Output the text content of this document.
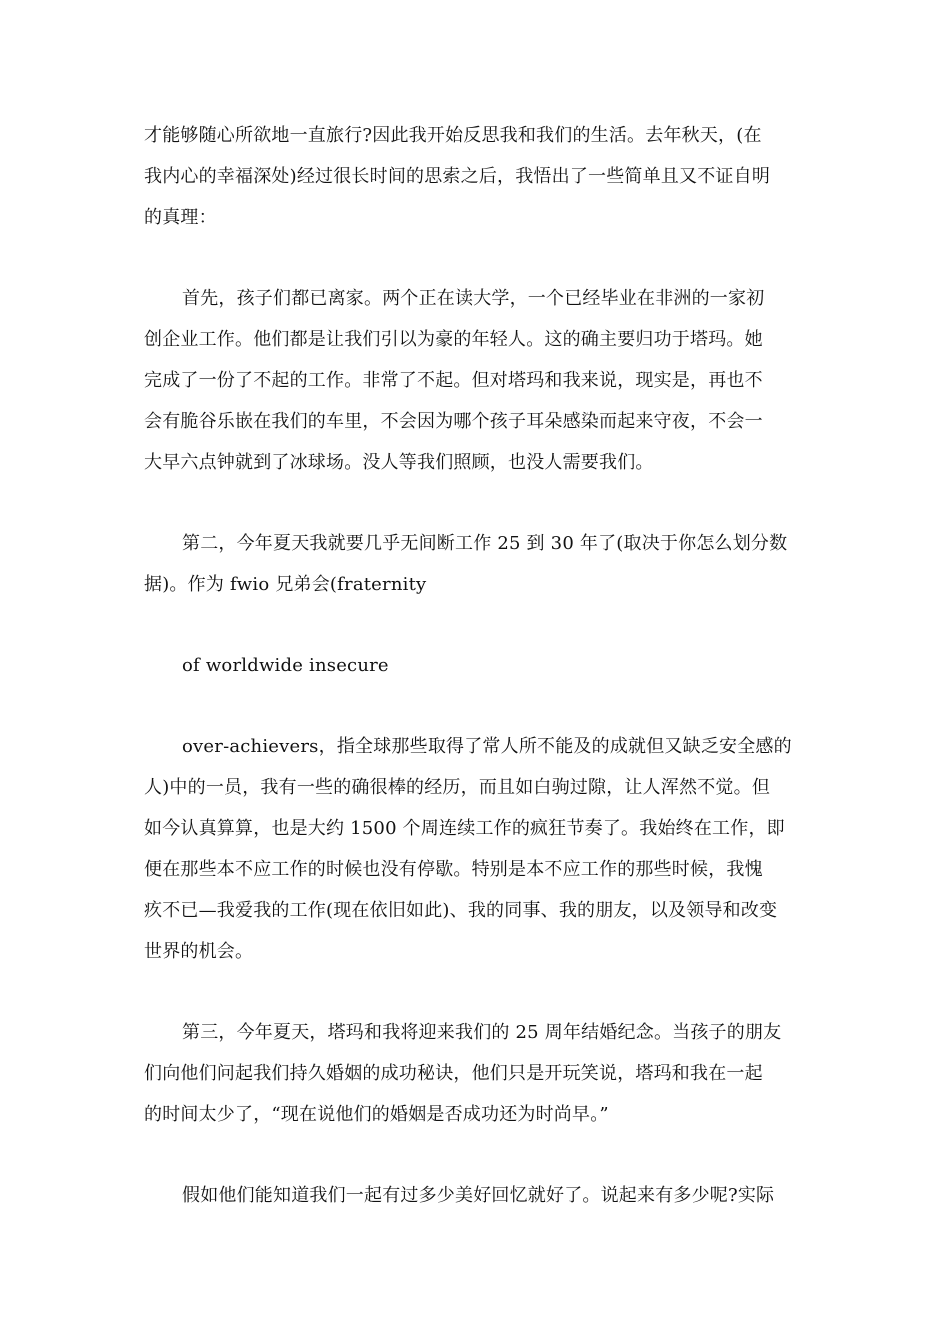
才能够随心所欲地一直旅行?因此我开始反思我和我们的生活。去年秋天，(在
我内心的幸福深处)经过很长时间的思索之后，我悟出了一些简单且又不证自明
的真理：
首先，孩子们都已离家。两个正在读大学，一个已经毕业在非洲的一家初
创企业工作。他们都是让我们引以为豪的年轻人。这的确主要归功于塔玛。她
完成了一份了不起的工作。非常了不起。但对塔玛和我来说，现实是，再也不
会有脆谷乐嵌在我们的车里，不会因为哪个孩子耳朵感染而起来守夜，不会一
大早六点钟就到了冰球场。没人等我们照顾，也没人需要我们。
第二，今年夏天我就要几乎无间断工作 25 到 30 年了(取决于你怎么划分数
据)。作为 fwio 兄弟会(fraternity
of worldwide insecure
over-achievers，指全球那些取得了常人所不能及的成就但又缺乏安全感的
人)中的一员，我有一些的确很棒的经历，而且如白驹过隙，让人浑然不觉。但
如今认真算算，也是大约 1500 个周连续工作的疯狂节奏了。我始终在工作，即
便在那些本不应工作的时候也没有停歇。特别是本不应工作的那些时候，我愧
疚不已—我爱我的工作(现在依旧如此)、我的同事、我的朋友，以及领导和改变
世界的机会。
第三，今年夏天，塔玛和我将迎来我们的 25 周年结婚纪念。当孩子的朋友
们向他们问起我们持久婚姻的成功秘诀，他们只是开玩笑说，塔玛和我在一起
的时间太少了，“现在说他们的婚姻是否成功还为时尚早。”
假如他们能知道我们一起有过多少美好回忆就好了。说起来有多少呢?实际
